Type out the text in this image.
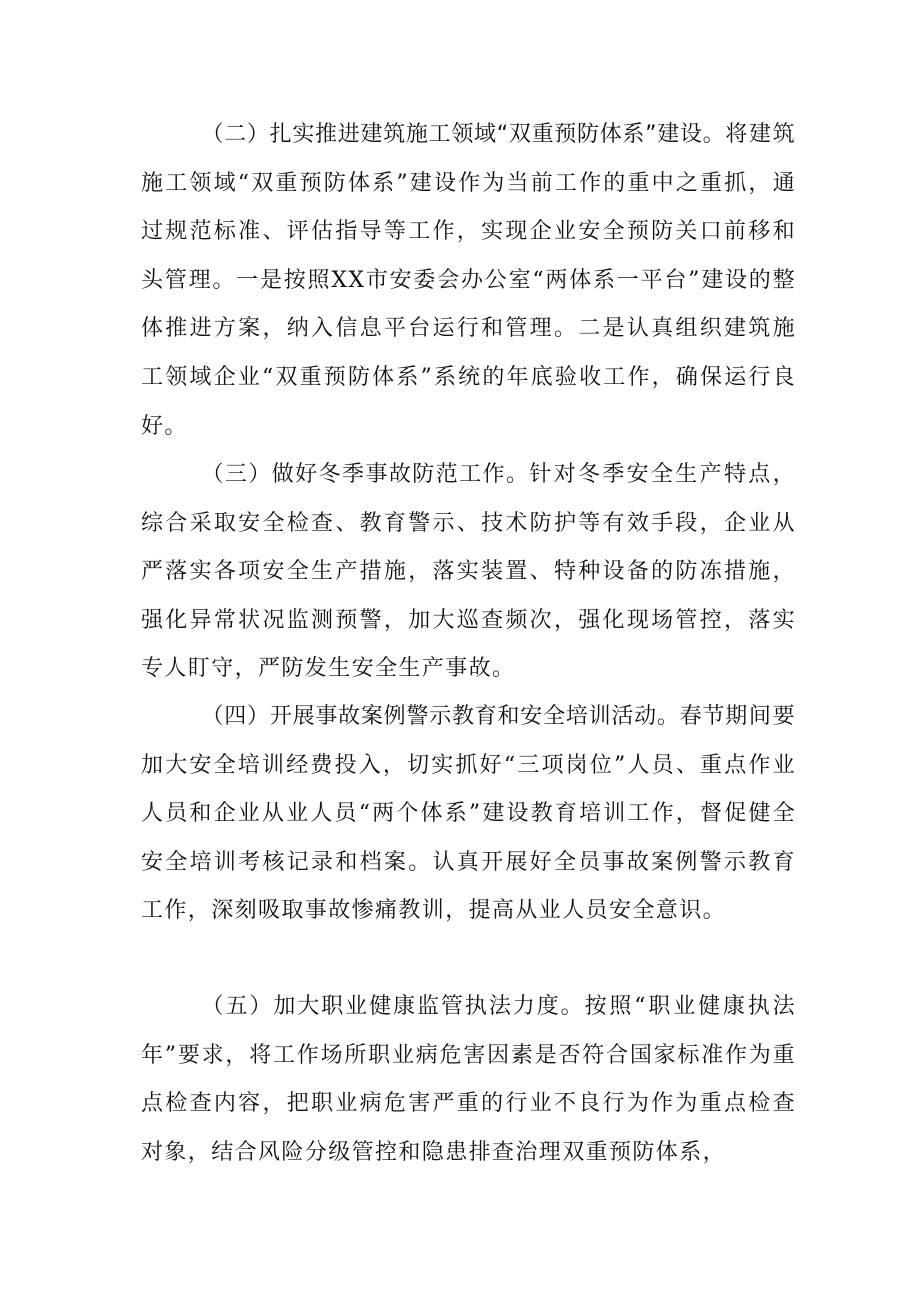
（二）扎实推进建筑施工领域“双重预防体系”建设。将建筑施工领域“双重预防体系”建设作为当前工作的重中之重抓，通过规范标准、评估指导等工作，实现企业安全预防关口前移和头管理。一是按照XX市安委会办公室“两体系一平台”建设的整体推进方案，纳入信息平台运行和管理。二是认真组织建筑施工领域企业“双重预防体系”系统的年底验收工作，确保运行良好。

（三）做好冬季事故防范工作。针对冬季安全生产特点，综合采取安全检查、教育警示、技术防护等有效手段，企业从严落实各项安全生产措施，落实装置、特种设备的防冻措施，强化异常状况监测预警，加大巡查频次，强化现场管控，落实专人盯守，严防发生安全生产事故。

（四）开展事故案例警示教育和安全培训活动。春节期间要加大安全培训经费投入，切实抓好“三项岗位”人员、重点作业人员和企业从业人员“两个体系”建设教育培训工作，督促健全安全培训考核记录和档案。认真开展好全员事故案例警示教育工作，深刻吸取事故惨痛教训，提高从业人员安全意识。

（五）加大职业健康监管执法力度。按照“职业健康执法年”要求，将工作场所职业病危害因素是否符合国家标准作为重点检查内容，把职业病危害严重的行业不良行为作为重点检查对象，结合风险分级管控和隐患排查治理双重预防体系，
